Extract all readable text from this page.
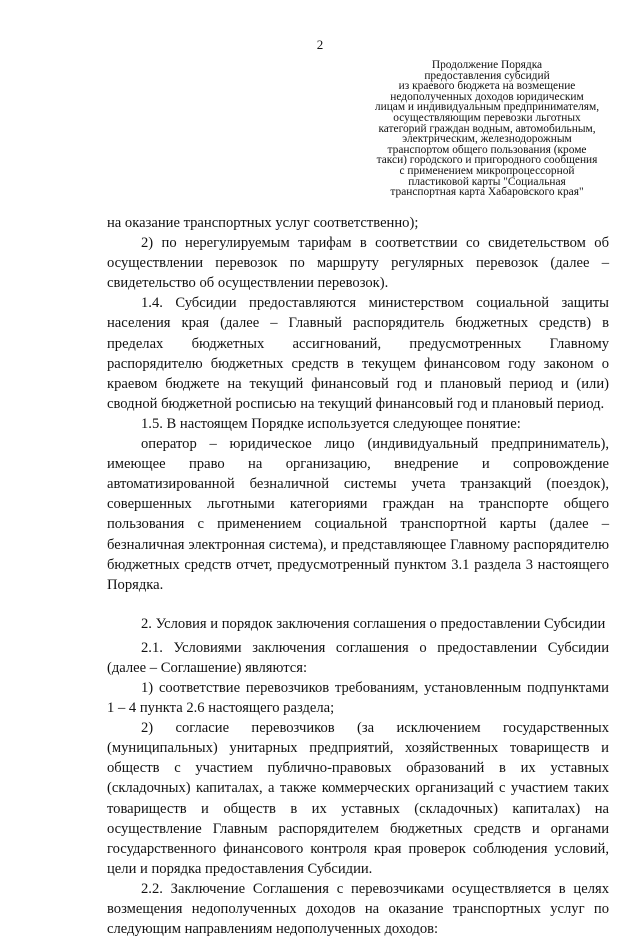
2
Продолжение Порядка
предоставления субсидий
из краевого бюджета на возмещение
недополученных доходов юридическим
лицам и индивидуальным предпринимателям,
осуществляющим перевозки льготных
категорий граждан водным, автомобильным,
электрическим, железнодорожным
транспортом общего пользования (кроме
такси) городского и пригородного сообщения
с применением микропроцессорной
пластиковой карты "Социальная
транспортная карта Хабаровского края"

на оказание транспортных услуг соответственно);

2) по нерегулируемым тарифам в соответствии со свидетельством об осуществлении перевозок по маршруту регулярных перевозок (далее – свидетельство об осуществлении перевозок).

1.4. Субсидии предоставляются министерством социальной защиты населения края (далее – Главный распорядитель бюджетных средств) в пределах бюджетных ассигнований, предусмотренных Главному распорядителю бюджетных средств в текущем финансовом году законом о краевом бюджете на текущий финансовый год и плановый период и (или) сводной бюджетной росписью на текущий финансовый год и плановый период.

1.5. В настоящем Порядке используется следующее понятие:

оператор – юридическое лицо (индивидуальный предприниматель), имеющее право на организацию, внедрение и сопровождение автоматизированной безналичной системы учета транзакций (поездок), совершенных льготными категориями граждан на транспорте общего пользования с применением социальной транспортной карты (далее – безналичная электронная система), и представляющее Главному распорядителю бюджетных средств отчет, предусмотренный пунктом 3.1 раздела 3 настоящего Порядка.

2. Условия и порядок заключения соглашения о предоставлении Субсидии

2.1. Условиями заключения соглашения о предоставлении Субсидии (далее – Соглашение) являются:

1) соответствие перевозчиков требованиям, установленным подпунктами 1 – 4 пункта 2.6 настоящего раздела;

2) согласие перевозчиков (за исключением государственных (муниципальных) унитарных предприятий, хозяйственных товариществ и обществ с участием публично-правовых образований в их уставных (складочных) капиталах, а также коммерческих организаций с участием таких товариществ и обществ в их уставных (складочных) капиталах) на осуществление Главным распорядителем бюджетных средств и органами государственного финансового контроля края проверок соблюдения условий, цели и порядка предоставления Субсидии.

2.2. Заключение Соглашения с перевозчиками осуществляется в целях возмещения недополученных доходов на оказание транспортных услуг по следующим направлениям недополученных доходов:
